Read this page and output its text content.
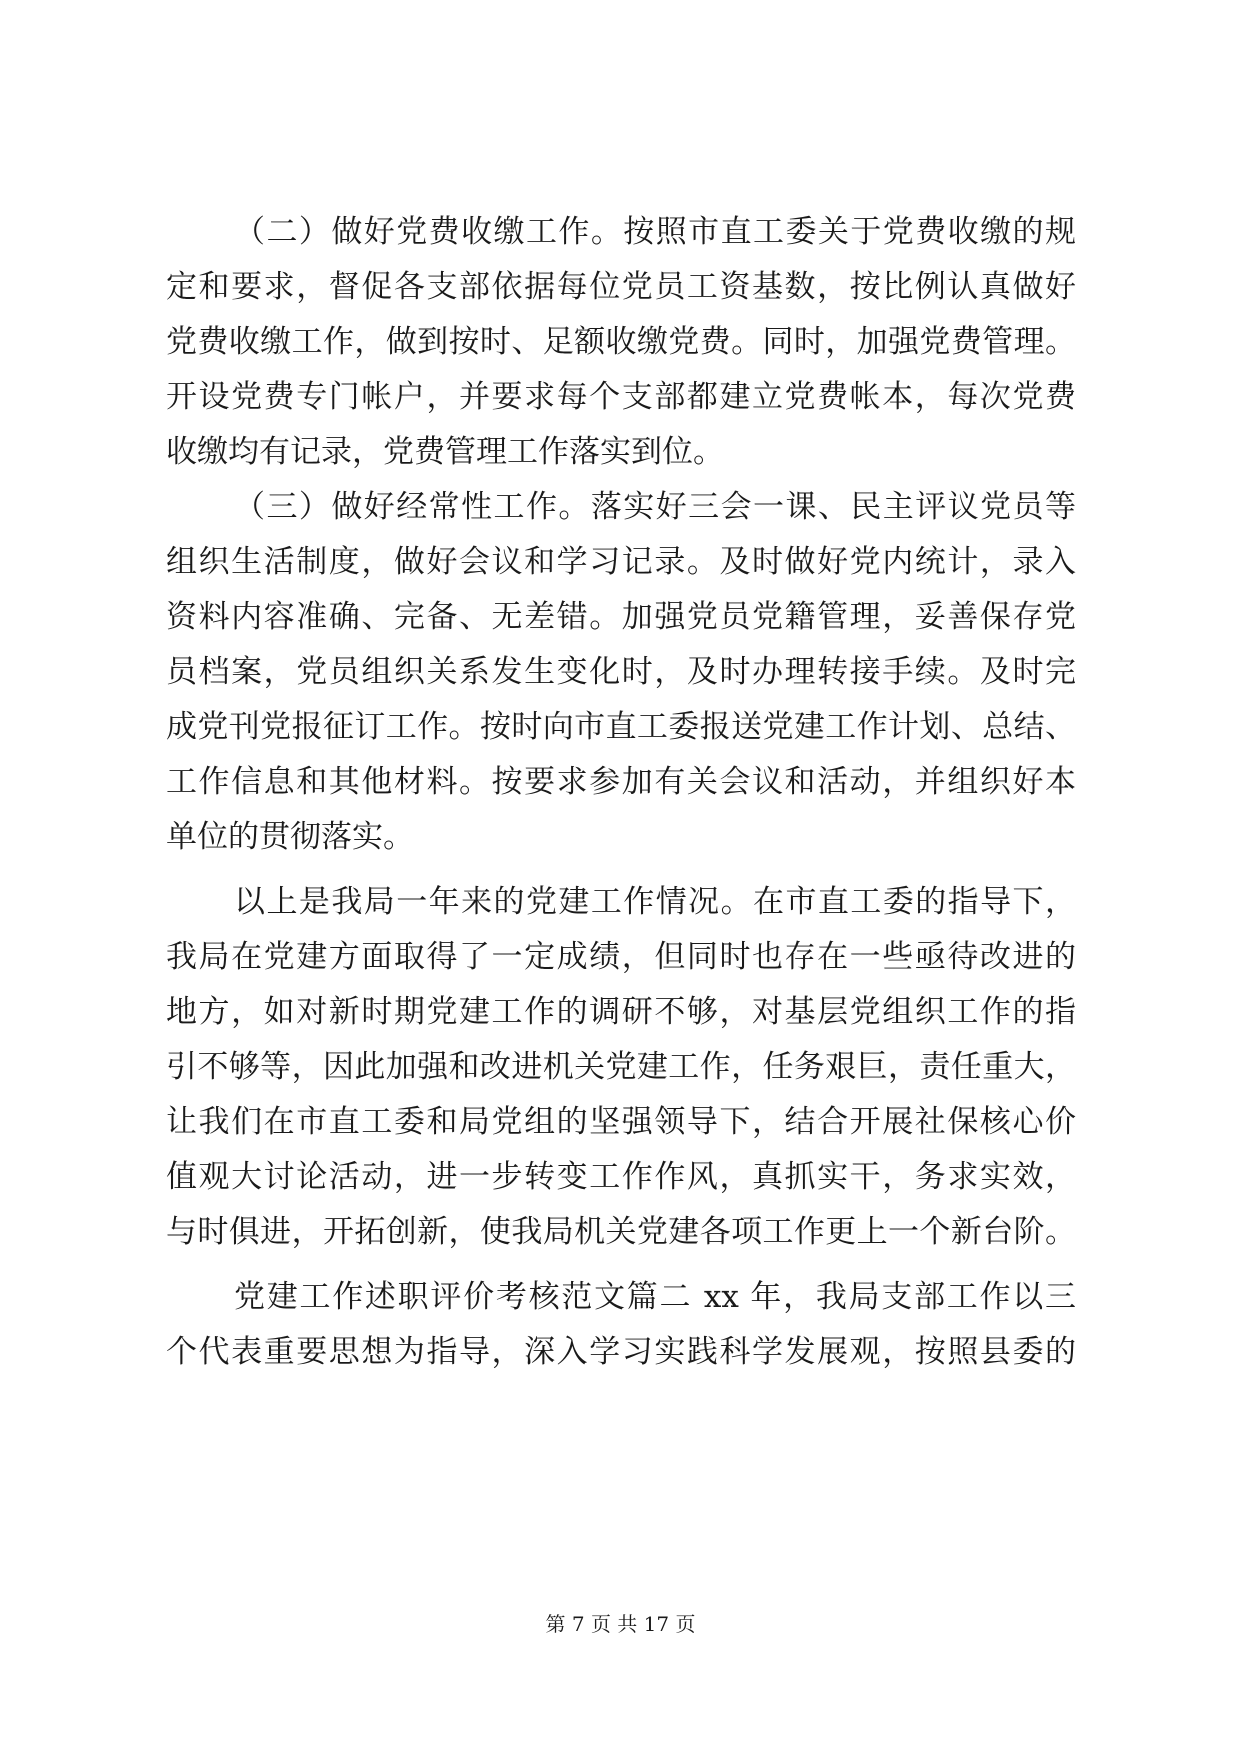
（二）做好党费收缴工作。按照市直工委关于党费收缴的规
定和要求，督促各支部依据每位党员工资基数，按比例认真做好
党费收缴工作，做到按时、足额收缴党费。同时，加强党费管理。
开设党费专门帐户，并要求每个支部都建立党费帐本，每次党费
收缴均有记录，党费管理工作落实到位。
（三）做好经常性工作。落实好三会一课、民主评议党员等
组织生活制度，做好会议和学习记录。及时做好党内统计，录入
资料内容准确、完备、无差错。加强党员党籍管理，妥善保存党
员档案，党员组织关系发生变化时，及时办理转接手续。及时完
成党刊党报征订工作。按时向市直工委报送党建工作计划、总结、
工作信息和其他材料。按要求参加有关会议和活动，并组织好本
单位的贯彻落实。
以上是我局一年来的党建工作情况。在市直工委的指导下，
我局在党建方面取得了一定成绩，但同时也存在一些亟待改进的
地方，如对新时期党建工作的调研不够，对基层党组织工作的指
引不够等，因此加强和改进机关党建工作，任务艰巨，责任重大，
让我们在市直工委和局党组的坚强领导下，结合开展社保核心价
值观大讨论活动，进一步转变工作作风，真抓实干，务求实效，
与时俱进，开拓创新，使我局机关党建各项工作更上一个新台阶。
党建工作述职评价考核范文篇二 xx 年，我局支部工作以三
个代表重要思想为指导，深入学习实践科学发展观，按照县委的
第 7 页 共 17 页
